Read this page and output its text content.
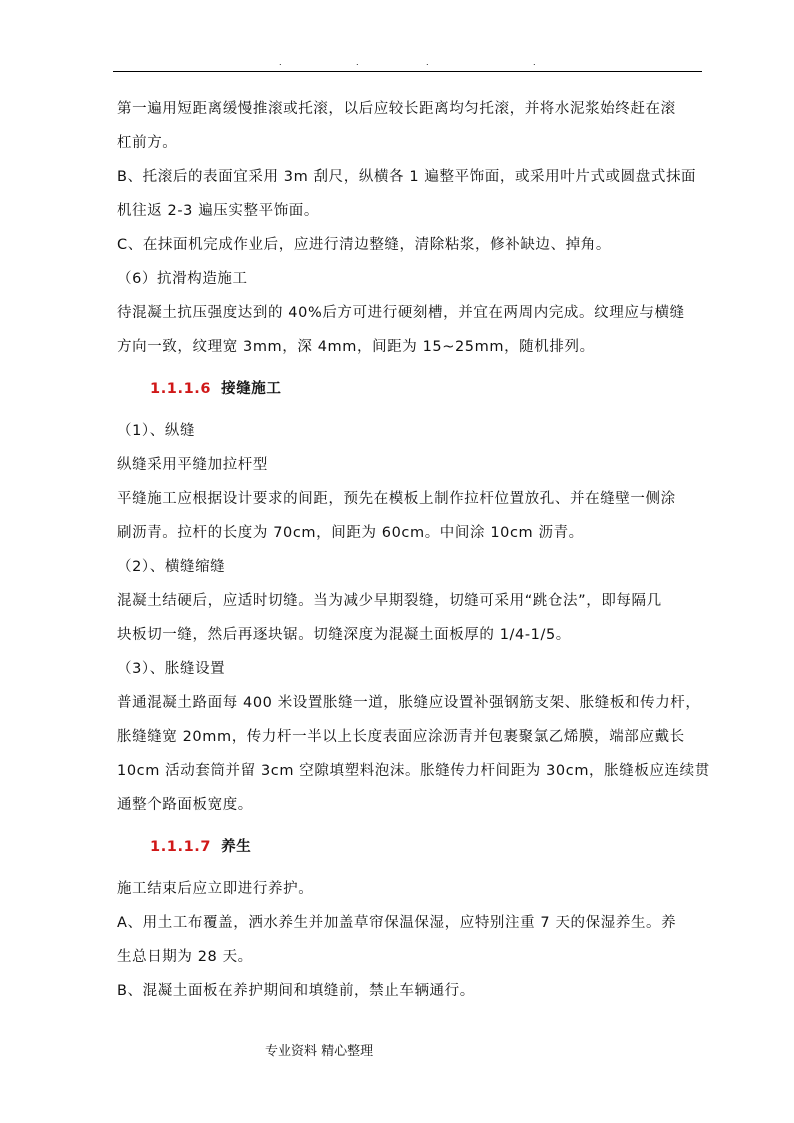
.	.	.	.

第一遍用短距离缓慢推滚或托滚，以后应较长距离均匀托滚，并将水泥浆始终赶在滚

杠前方。

B、托滚后的表面宜采用 3m 刮尺，纵横各 1 遍整平饰面，或采用叶片式或圆盘式抹面

机往返 2-3 遍压实整平饰面。

C、在抹面机完成作业后，应进行清边整缝，清除粘浆，修补缺边、掉角。

（6）抗滑构造施工

待混凝土抗压强度达到的 40%后方可进行硬刻槽，并宜在两周内完成。纹理应与横缝

方向一致，纹理宽 3mm，深 4mm，间距为 15~25mm，随机排列。

1.1.1.6 接缝施工

（1）、纵缝

纵缝采用平缝加拉杆型

平缝施工应根据设计要求的间距，预先在模板上制作拉杆位置放孔、并在缝壁一侧涂

刷沥青。拉杆的长度为 70cm，间距为 60cm。中间涂 10cm 沥青。

（2）、横缝缩缝

混凝土结硬后，应适时切缝。当为减少早期裂缝，切缝可采用“跳仓法”，即每隔几

块板切一缝，然后再逐块锯。切缝深度为混凝土面板厚的 1/4-1/5。

（3）、胀缝设置

普通混凝土路面每 400 米设置胀缝一道，胀缝应设置补强钢筋支架、胀缝板和传力杆，

胀缝缝宽 20mm，传力杆一半以上长度表面应涂沥青并包裹聚氯乙烯膜，端部应戴长

10cm 活动套筒并留 3cm 空隙填塑料泡沫。胀缝传力杆间距为 30cm，胀缝板应连续贯

通整个路面板宽度。

1.1.1.7 养生

施工结束后应立即进行养护。

A、用土工布覆盖，洒水养生并加盖草帘保温保湿，应特别注重 7 天的保湿养生。养

生总日期为 28 天。

B、混凝土面板在养护期间和填缝前，禁止车辆通行。

专业资料 精心整理
